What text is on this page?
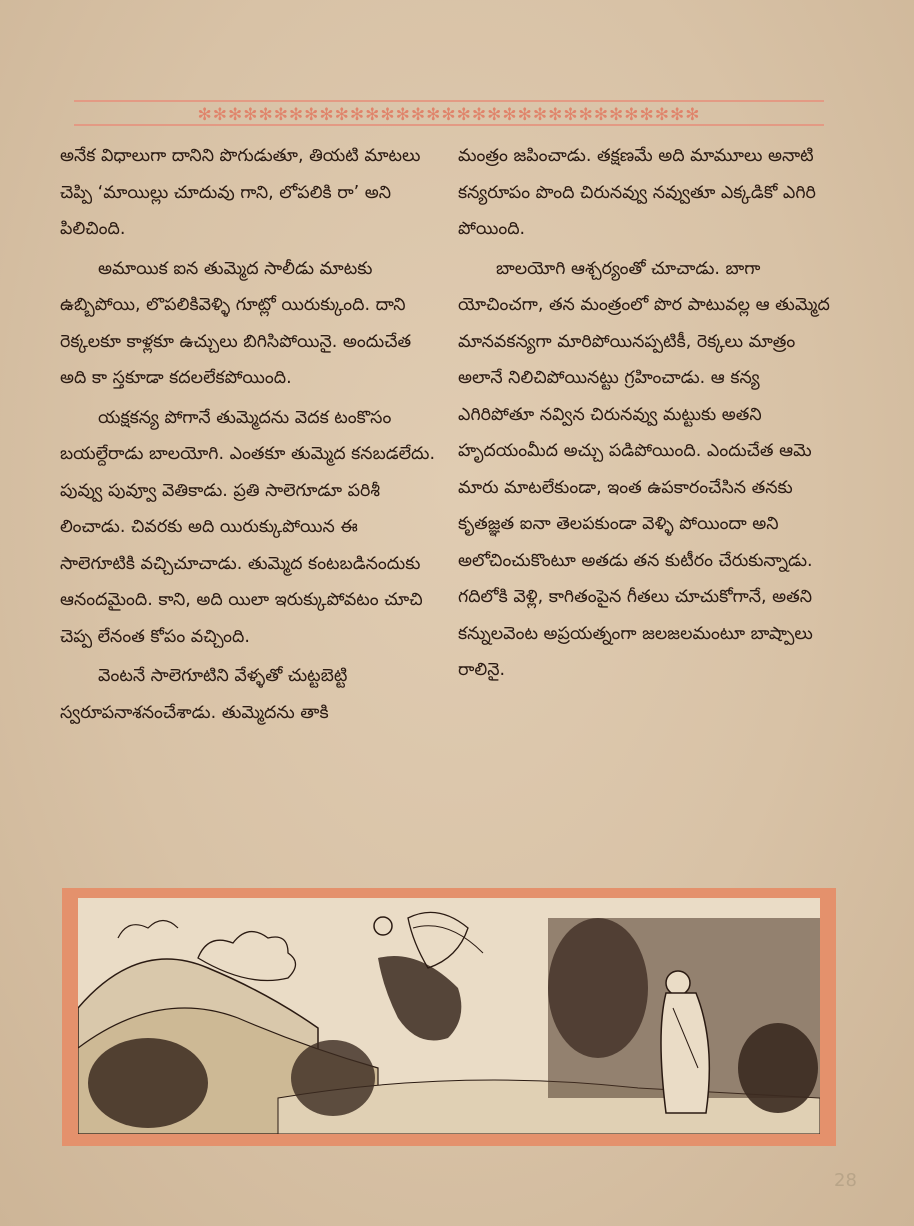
✻✻✻✻✻✻✻✻✻✻✻✻✻✻✻✻✻✻✻✻✻✻✻✻✻✻✻✻✻✻✻✻✻

అనేక విధాలుగా దానిని పొగుడుతూ, తియటి మాటలు చెప్పి ‘మాయిల్లు చూదువు గాని, లోపలికి రా’ అని పిలిచింది.

అమాయిక ఐన తుమ్మెద సాలీడు మాటకు ఉబ్బిపోయి, లొపలికివెళ్ళి గూట్లో యిరుక్కుంది. దాని రెక్కలకూ కాళ్లకూ ఉచ్చులు బిగిసిపోయినై. అందుచేత అది కా స్తకూడా కదలలేకపోయింది.

యక్షకన్య పోగానే తుమ్మెదను వెదక టంకొసం బయల్దేరాడు బాలయోగి. ఎంతకూ తుమ్మెద కనబడలేదు. పువ్వు పువ్వూ వెతికాడు. ప్రతి సాలెగూడూ పరిశీ లించాడు. చివరకు అది యిరుక్కుపోయిన ఈ సాలెగూటికి వచ్చిచూచాడు. తుమ్మెద కంటబడినందుకు ఆనందమైంది. కాని, అది యిలా ఇరుక్కుపోవటం చూచి చెప్ప లేనంత కోపం వచ్చింది.

వెంటనే సాలెగూటిని వేళ్ళతో చుట్టబెట్టి స్వరూపనాశనంచేశాడు. తుమ్మెదను తాకి

మంత్రం జపించాడు. తక్షణమే అది మామూలు అనాటి కన్యరూపం పొంది చిరునవ్వు నవ్వుతూ ఎక్కడికో ఎగిరి పోయింది.

బాలయోగి ఆశ్చర్యంతో చూచాడు. బాగా యోచించగా, తన మంత్రంలో పొర పాటువల్ల ఆ తుమ్మెద మానవకన్యగా మారిపోయినప్పటికీ, రెక్కలు మాత్రం అలానే నిలిచిపోయినట్టు గ్రహించాడు. ఆ కన్య ఎగిరిపోతూ నవ్విన చిరునవ్వు మట్టుకు అతని హృదయంమీద అచ్చు పడిపోయింది. ఎందుచేత ఆమె మారు మాటలేకుండా, ఇంత ఉపకారంచేసిన తనకు కృతజ్ఞత ఐనా తెలపకుండా వెళ్ళి పోయిందా అని అలోచించుకొంటూ అతడు తన కుటీరం చేరుకున్నాడు. గదిలోకి వెళ్లి, కాగితంపైన గీతలు చూచుకోగానే, అతని కన్నులవెంట అప్రయత్నంగా జలజలమంటూ బాష్పాలు రాలినై.

28
